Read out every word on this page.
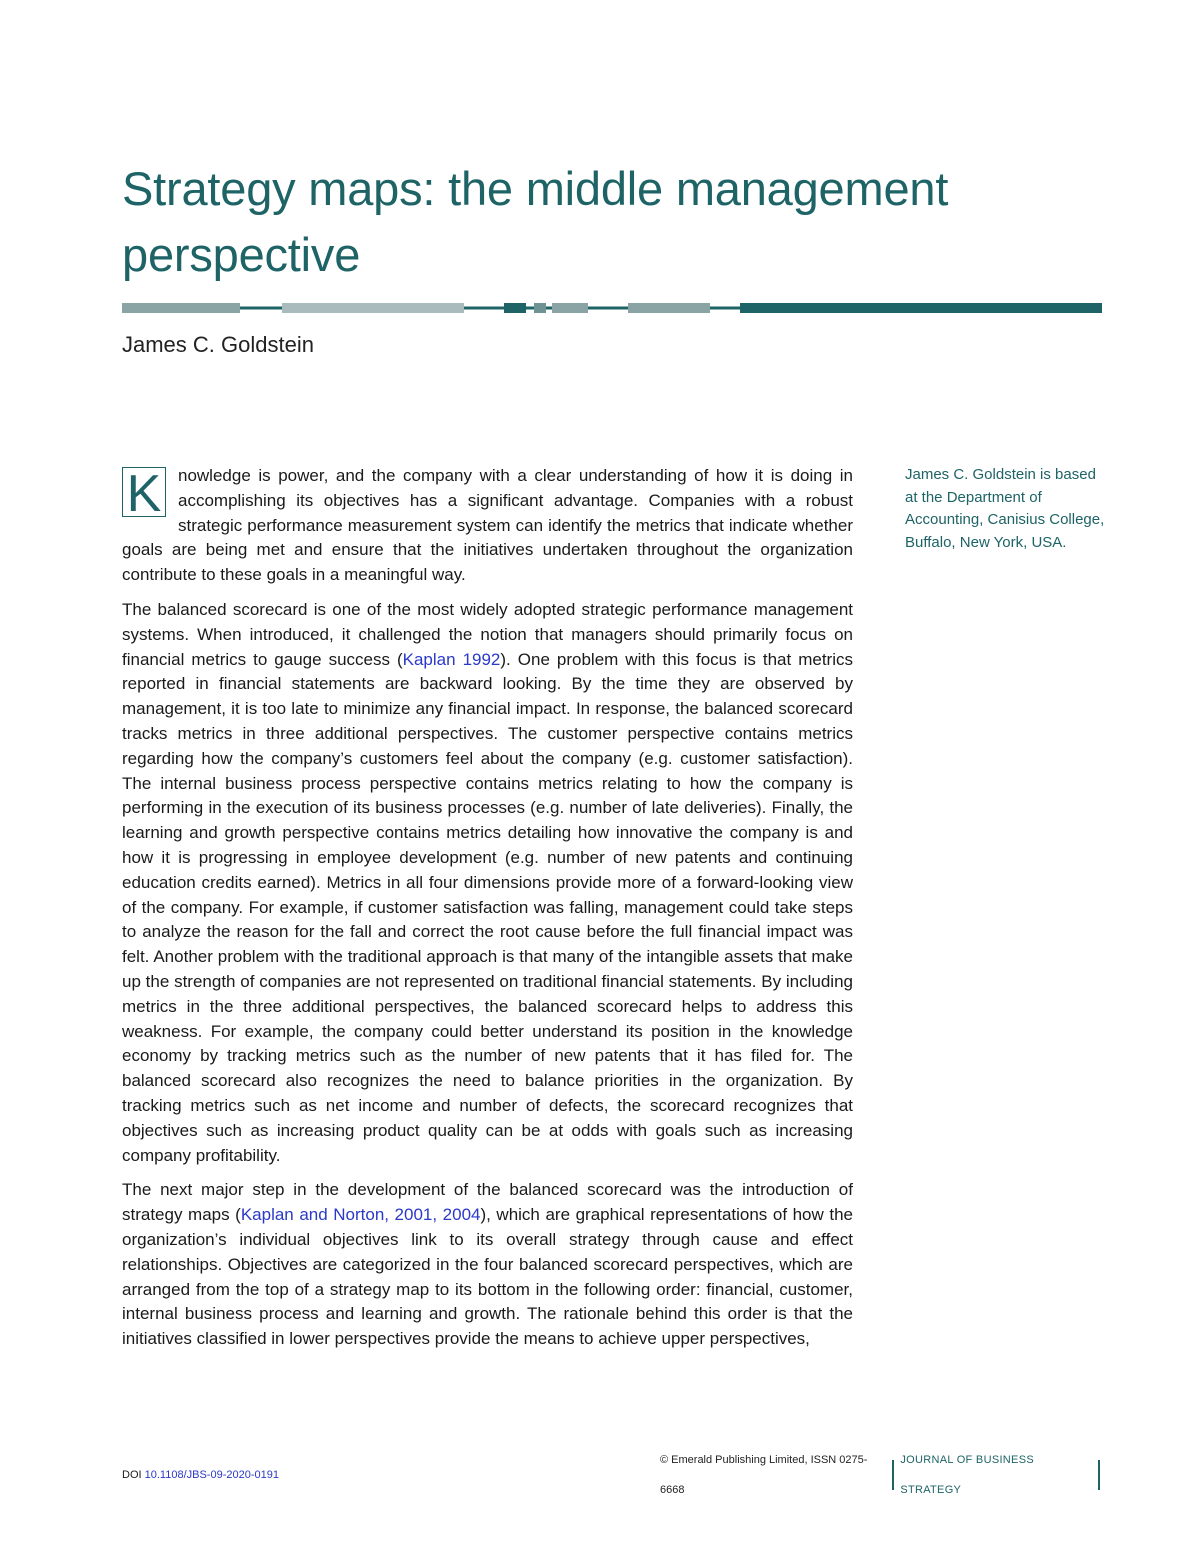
Strategy maps: the middle management perspective

James C. Goldstein

K nowledge is power, and the company with a clear understanding of how it is doing in accomplishing its objectives has a significant advantage. Companies with a robust strategic performance measurement system can identify the metrics that indicate whether goals are being met and ensure that the initiatives undertaken throughout the organization contribute to these goals in a meaningful way.

The balanced scorecard is one of the most widely adopted strategic performance management systems. When introduced, it challenged the notion that managers should primarily focus on financial metrics to gauge success (Kaplan 1992). One problem with this focus is that metrics reported in financial statements are backward looking. By the time they are observed by management, it is too late to minimize any financial impact. In response, the balanced scorecard tracks metrics in three additional perspectives. The customer perspective contains metrics regarding how the company’s customers feel about the company (e.g. customer satisfaction). The internal business process perspective contains metrics relating to how the company is performing in the execution of its business processes (e.g. number of late deliveries). Finally, the learning and growth perspective contains metrics detailing how innovative the company is and how it is progressing in employee development (e.g. number of new patents and continuing education credits earned). Metrics in all four dimensions provide more of a forward-looking view of the company. For example, if customer satisfaction was falling, management could take steps to analyze the reason for the fall and correct the root cause before the full financial impact was felt. Another problem with the traditional approach is that many of the intangible assets that make up the strength of companies are not represented on traditional financial statements. By including metrics in the three additional perspectives, the balanced scorecard helps to address this weakness. For example, the company could better understand its position in the knowledge economy by tracking metrics such as the number of new patents that it has filed for. The balanced scorecard also recognizes the need to balance priorities in the organization. By tracking metrics such as net income and number of defects, the scorecard recognizes that objectives such as increasing product quality can be at odds with goals such as increasing company profitability.

The next major step in the development of the balanced scorecard was the introduction of strategy maps (Kaplan and Norton, 2001, 2004), which are graphical representations of how the organization’s individual objectives link to its overall strategy through cause and effect relationships. Objectives are categorized in the four balanced scorecard perspectives, which are arranged from the top of a strategy map to its bottom in the following order: financial, customer, internal business process and learning and growth. The rationale behind this order is that the initiatives classified in lower perspectives provide the means to achieve upper perspectives,

James C. Goldstein is based at the Department of Accounting, Canisius College, Buffalo, New York, USA.
DOI 10.1108/JBS-09-2020-0191
© Emerald Publishing Limited, ISSN 0275-6668
JOURNAL OF BUSINESS STRATEGY
